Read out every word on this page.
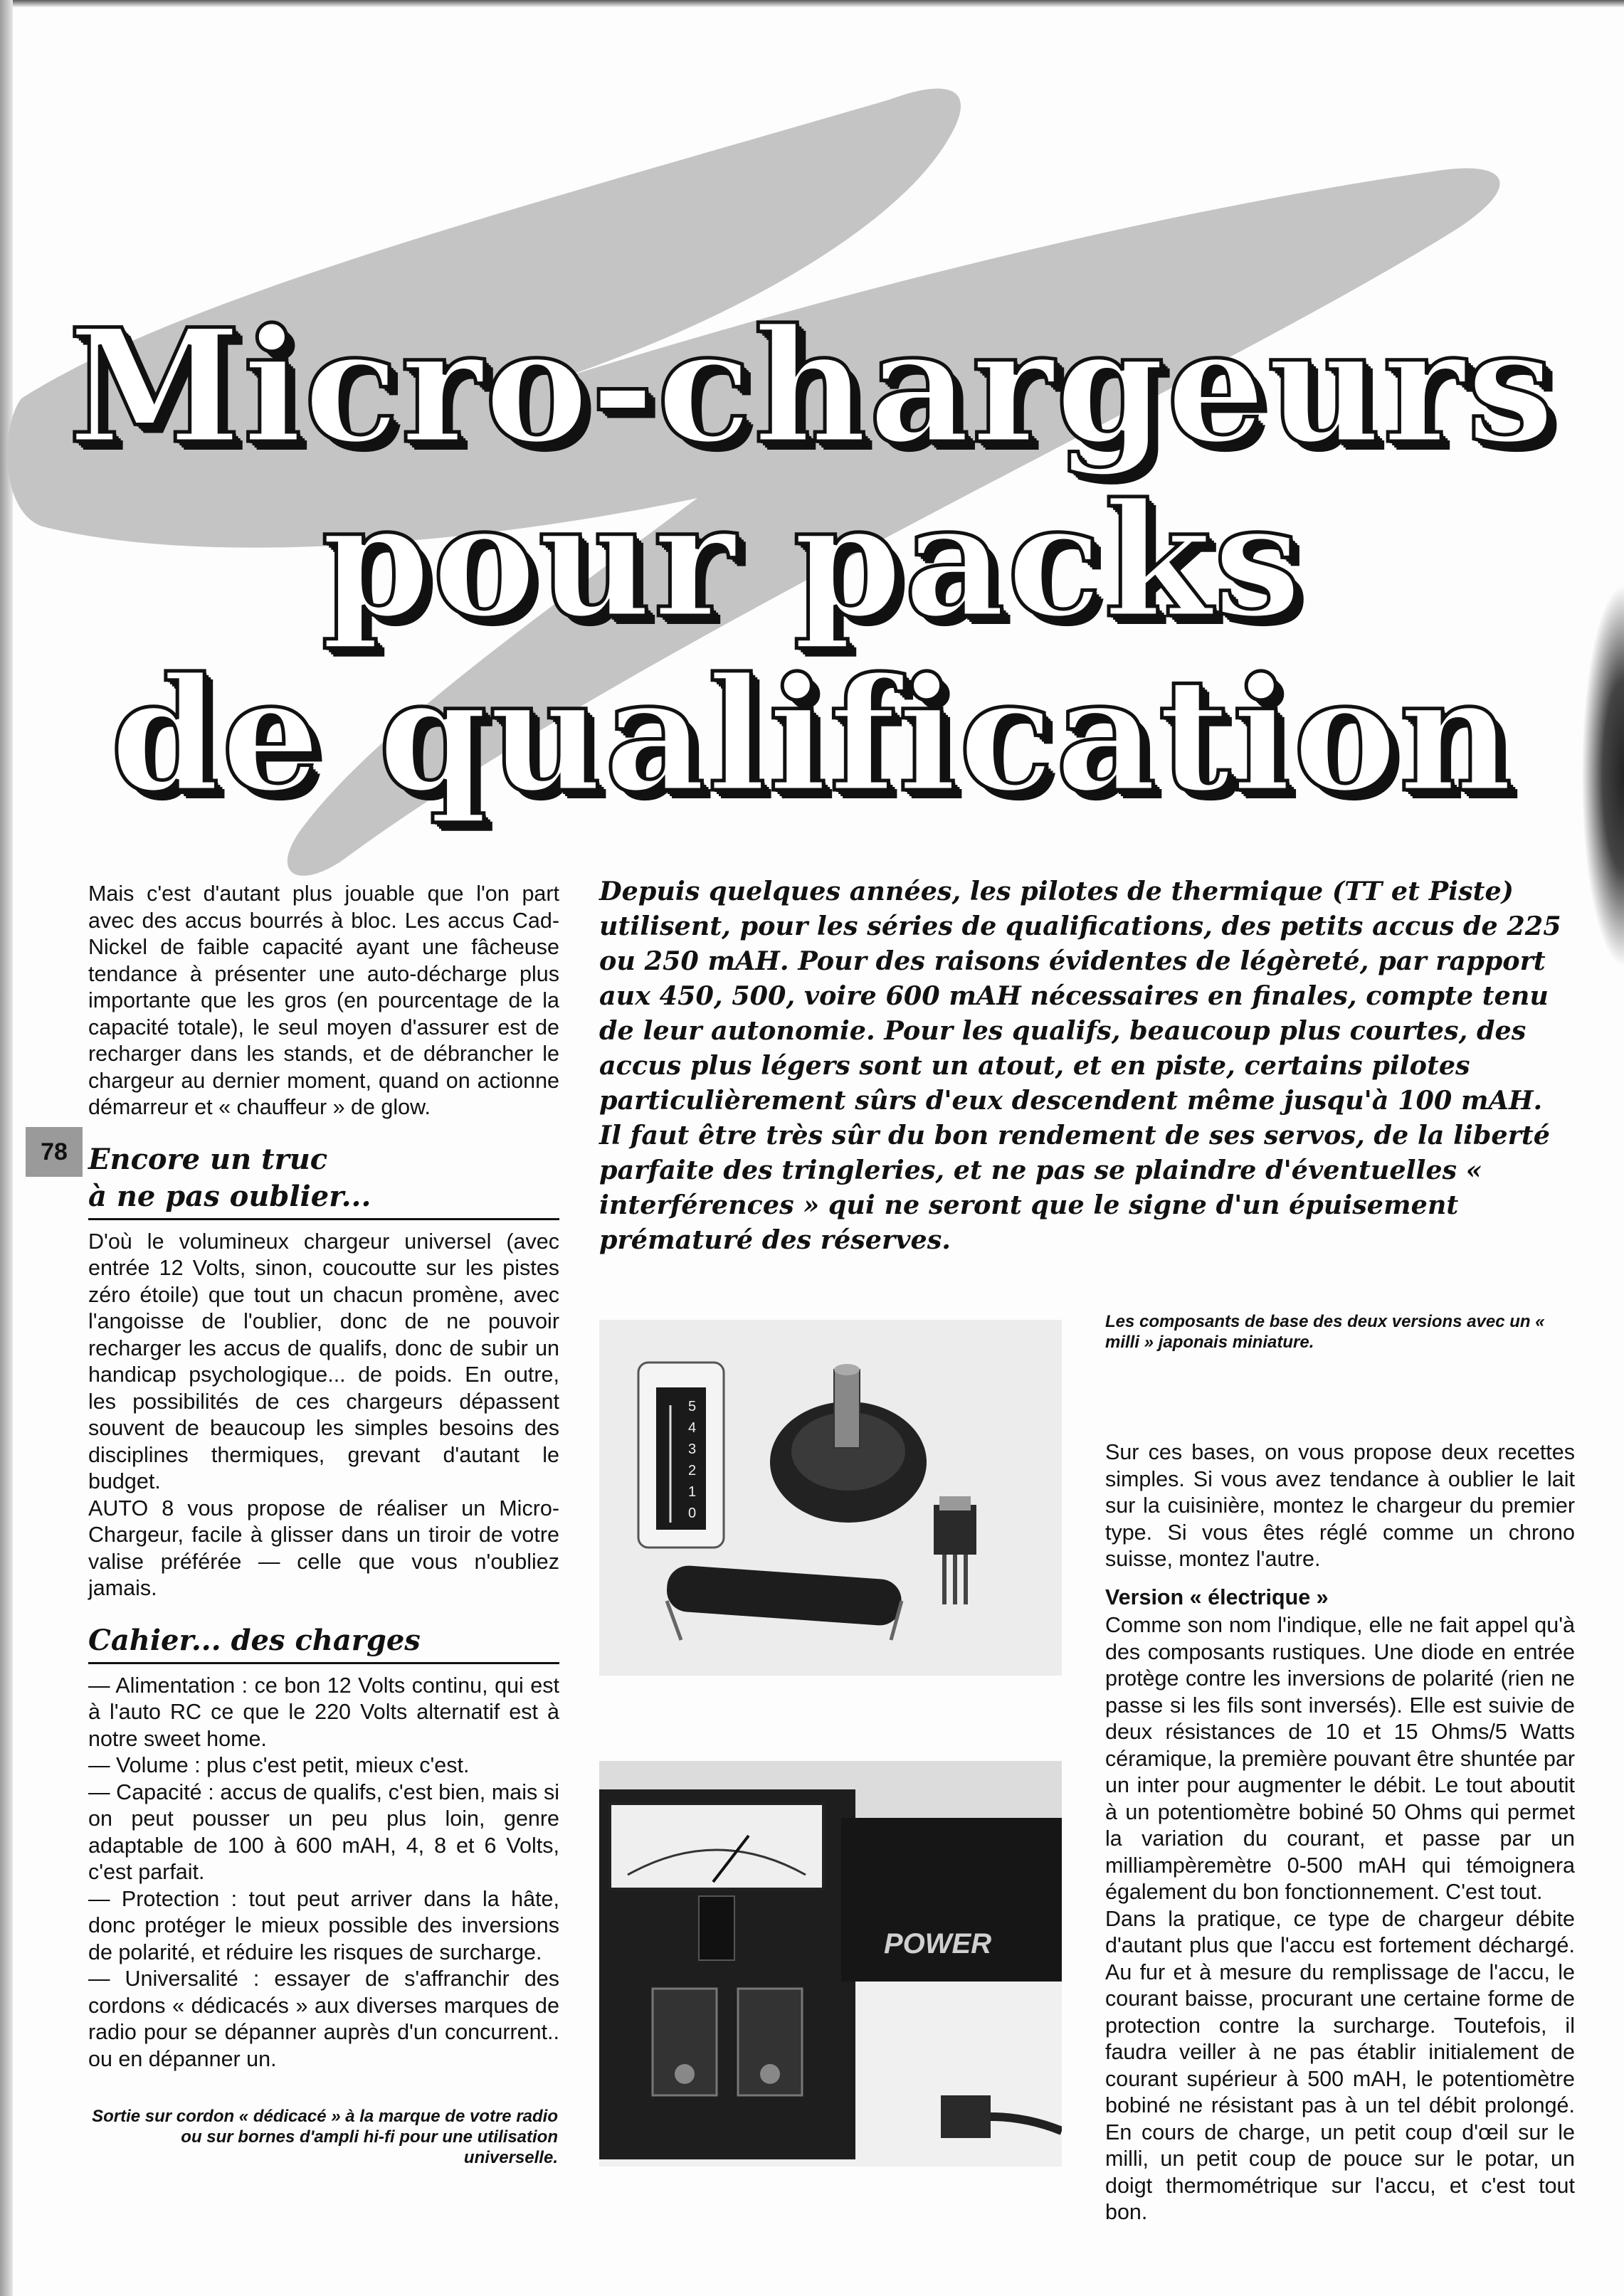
Micro-chargeurs
pour packs
de qualification
78

Mais c'est d'autant plus jouable que l'on part avec des accus bourrés à bloc. Les accus Cad-Nickel de faible capacité ayant une fâcheuse tendance à présenter une auto-décharge plus importante que les gros (en pourcentage de la capacité totale), le seul moyen d'assurer est de recharger dans les stands, et de débrancher le chargeur au dernier moment, quand on actionne démarreur et « chauffeur » de glow.

Encore un truc
à ne pas oublier...

D'où le volumineux chargeur universel (avec entrée 12 Volts, sinon, coucoutte sur les pistes zéro étoile) que tout un chacun promène, avec l'angoisse de l'oublier, donc de ne pouvoir recharger les accus de qualifs, donc de subir un handicap psychologique... de poids. En outre, les possibilités de ces chargeurs dépassent souvent de beaucoup les simples besoins des disciplines thermiques, grevant d'autant le budget.
AUTO 8 vous propose de réaliser un Micro-Chargeur, facile à glisser dans un tiroir de votre valise préférée — celle que vous n'oubliez jamais.

Cahier... des charges

— Alimentation : ce bon 12 Volts continu, qui est à l'auto RC ce que le 220 Volts alternatif est à notre sweet home.
— Volume : plus c'est petit, mieux c'est.
— Capacité : accus de qualifs, c'est bien, mais si on peut pousser un peu plus loin, genre adaptable de 100 à 600 mAH, 4, 8 et 6 Volts, c'est parfait.
— Protection : tout peut arriver dans la hâte, donc protéger le mieux possible des inversions de polarité, et réduire les risques de surcharge.
— Universalité : essayer de s'affranchir des cordons « dédicacés » aux diverses marques de radio pour se dépanner auprès d'un concurrent.. ou en dépanner un.

Depuis quelques années, les pilotes de thermique (TT et Piste) utilisent, pour les séries de qualifications, des petits accus de 225 ou 250 mAH. Pour des raisons évidentes de légèreté, par rapport aux 450, 500, voire 600 mAH nécessaires en finales, compte tenu de leur autonomie. Pour les qualifs, beaucoup plus courtes, des accus plus légers sont un atout, et en piste, certains pilotes particulièrement sûrs d'eux descendent même jusqu'à 100 mAH. Il faut être très sûr du bon rendement de ses servos, de la liberté parfaite des tringleries, et ne pas se plaindre d'éventuelles « interférences » qui ne seront que le signe d'un épuisement prématuré des réserves.

5
4
3
2
1
0

Les composants de base des deux versions avec un « milli » japonais miniature.

POWER

Sortie sur cordon « dédicacé » à la marque de votre radio ou sur bornes d'ampli hi-fi pour une utilisation universelle.

Sur ces bases, on vous propose deux recettes simples. Si vous avez tendance à oublier le lait sur la cuisinière, montez le chargeur du premier type. Si vous êtes réglé comme un chrono suisse, montez l'autre.

Version « électrique »

Comme son nom l'indique, elle ne fait appel qu'à des composants rustiques. Une diode en entrée protège contre les inversions de polarité (rien ne passe si les fils sont inversés). Elle est suivie de deux résistances de 10 et 15 Ohms/5 Watts céramique, la première pouvant être shuntée par un inter pour augmenter le débit. Le tout aboutit à un potentiomètre bobiné 50 Ohms qui permet la variation du courant, et passe par un milliampèremètre 0-500 mAH qui témoignera également du bon fonctionnement. C'est tout.
Dans la pratique, ce type de chargeur débite d'autant plus que l'accu est fortement déchargé. Au fur et à mesure du remplissage de l'accu, le courant baisse, procurant une certaine forme de protection contre la surcharge. Toutefois, il faudra veiller à ne pas établir initialement de courant supérieur à 500 mAH, le potentiomètre bobiné ne résistant pas à un tel débit prolongé. En cours de charge, un petit coup d'œil sur le milli, un petit coup de pouce sur le potar, un doigt thermométrique sur l'accu, et c'est tout bon.
